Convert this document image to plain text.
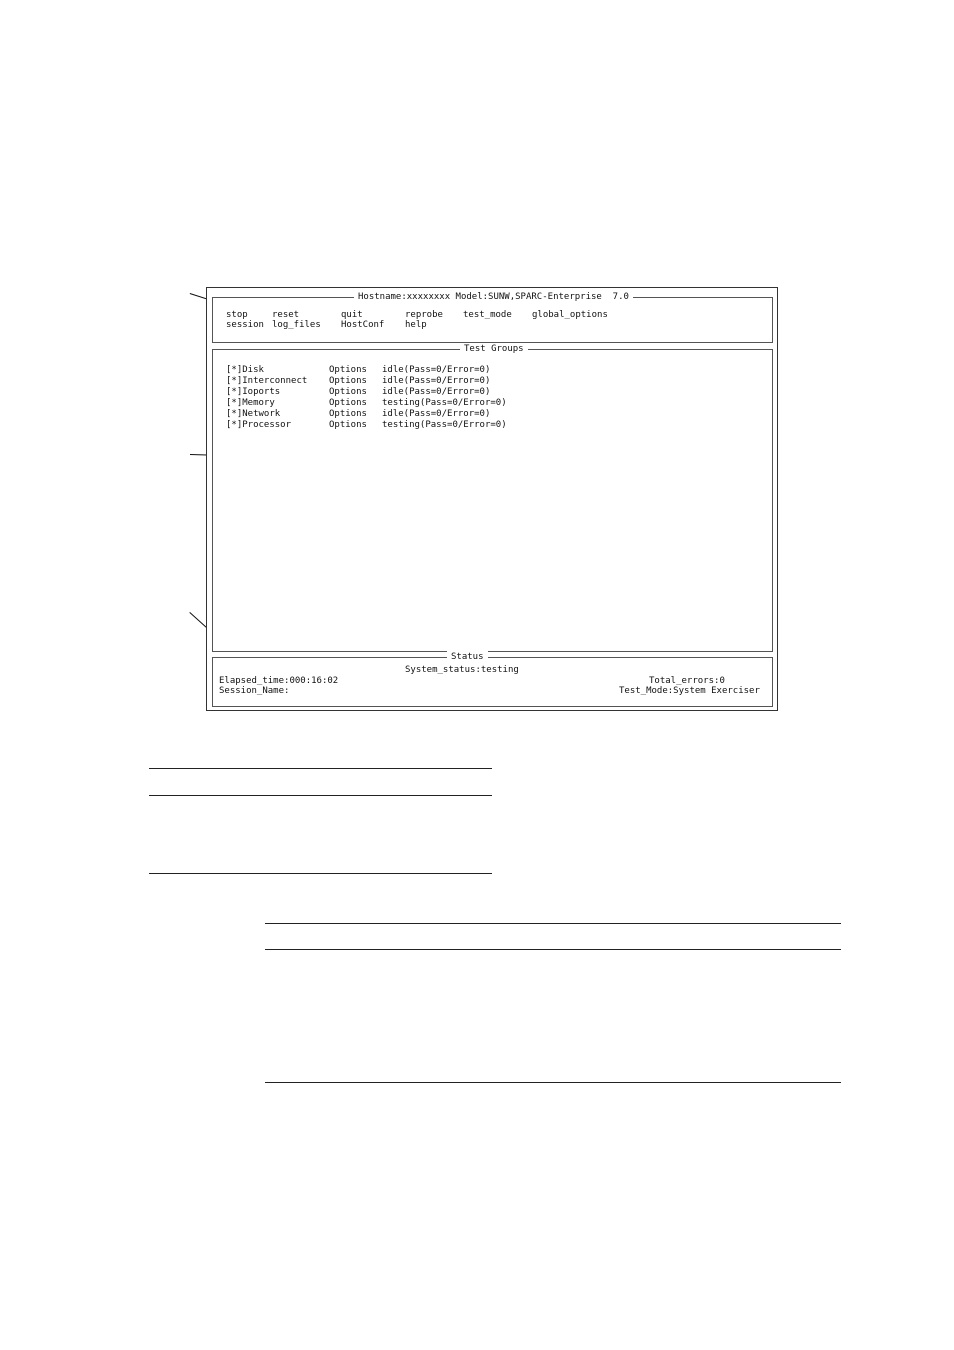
Hostname:xxxxxxxx Model:SUNW,SPARC-Enterprise  7.0
stop	reset	quit	reprobe test_mode global_options
session log_files HostConf help
Test Groups
[*]Disk	Options idle(Pass=0/Error=0)
[*]Interconnect Options idle(Pass=0/Error=0)
[*]Ioports	Options idle(Pass=0/Error=0)
[*]Memory	Options testing(Pass=0/Error=0)
[*]Network	Options idle(Pass=0/Error=0)
[*]Processor	Options testing(Pass=0/Error=0)
Status
System_status:testing
Elapsed_time:000:16:02	Total_errors:0
Session_Name:	Test_Mode:System Exerciser
